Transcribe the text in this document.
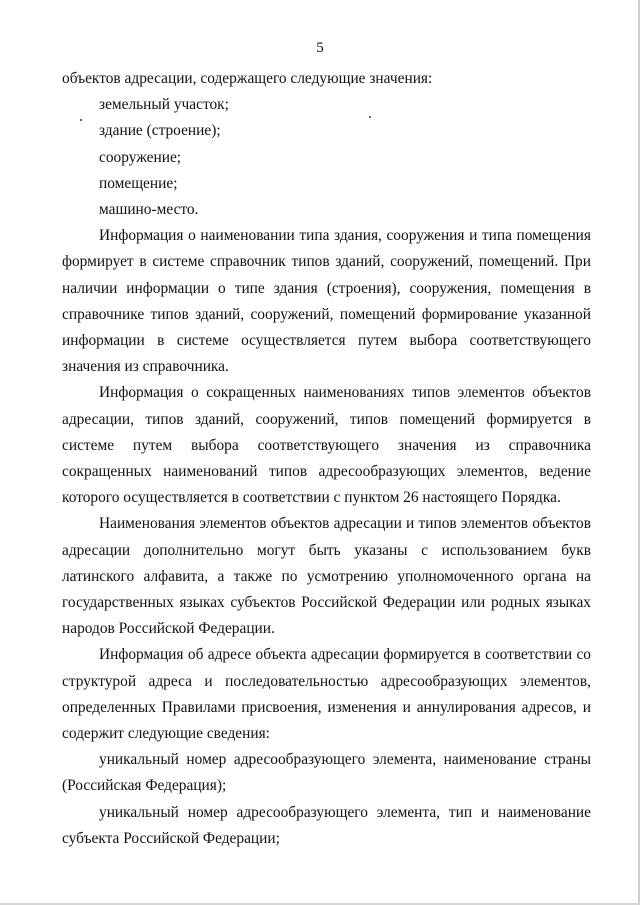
5

объектов адресации, содержащего следующие значения:

земельный участок;

здание (строение);

сооружение;

помещение;

машино-место.

Информация о наименовании типа здания, сооружения и типа помещения формирует в системе справочник типов зданий, сооружений, помещений. При наличии информации о типе здания (строения), сооружения, помещения в справочнике типов зданий, сооружений, помещений формирование указанной информации в системе осуществляется путем выбора соответствующего значения из справочника.

Информация о сокращенных наименованиях типов элементов объектов адресации, типов зданий, сооружений, типов помещений формируется в системе путем выбора соответствующего значения из справочника сокращенных наименований типов адресообразующих элементов, ведение которого осуществляется в соответствии с пунктом 26 настоящего Порядка.

Наименования элементов объектов адресации и типов элементов объектов адресации дополнительно могут быть указаны с использованием букв латинского алфавита, а также по усмотрению уполномоченного органа на государственных языках субъектов Российской Федерации или родных языках народов Российской Федерации.

Информация об адресе объекта адресации формируется в соответствии со структурой адреса и последовательностью адресообразующих элементов, определенных Правилами присвоения, изменения и аннулирования адресов, и содержит следующие сведения:

уникальный номер адресообразующего элемента, наименование страны (Российская Федерация);

уникальный номер адресообразующего элемента, тип и наименование субъекта Российской Федерации;
